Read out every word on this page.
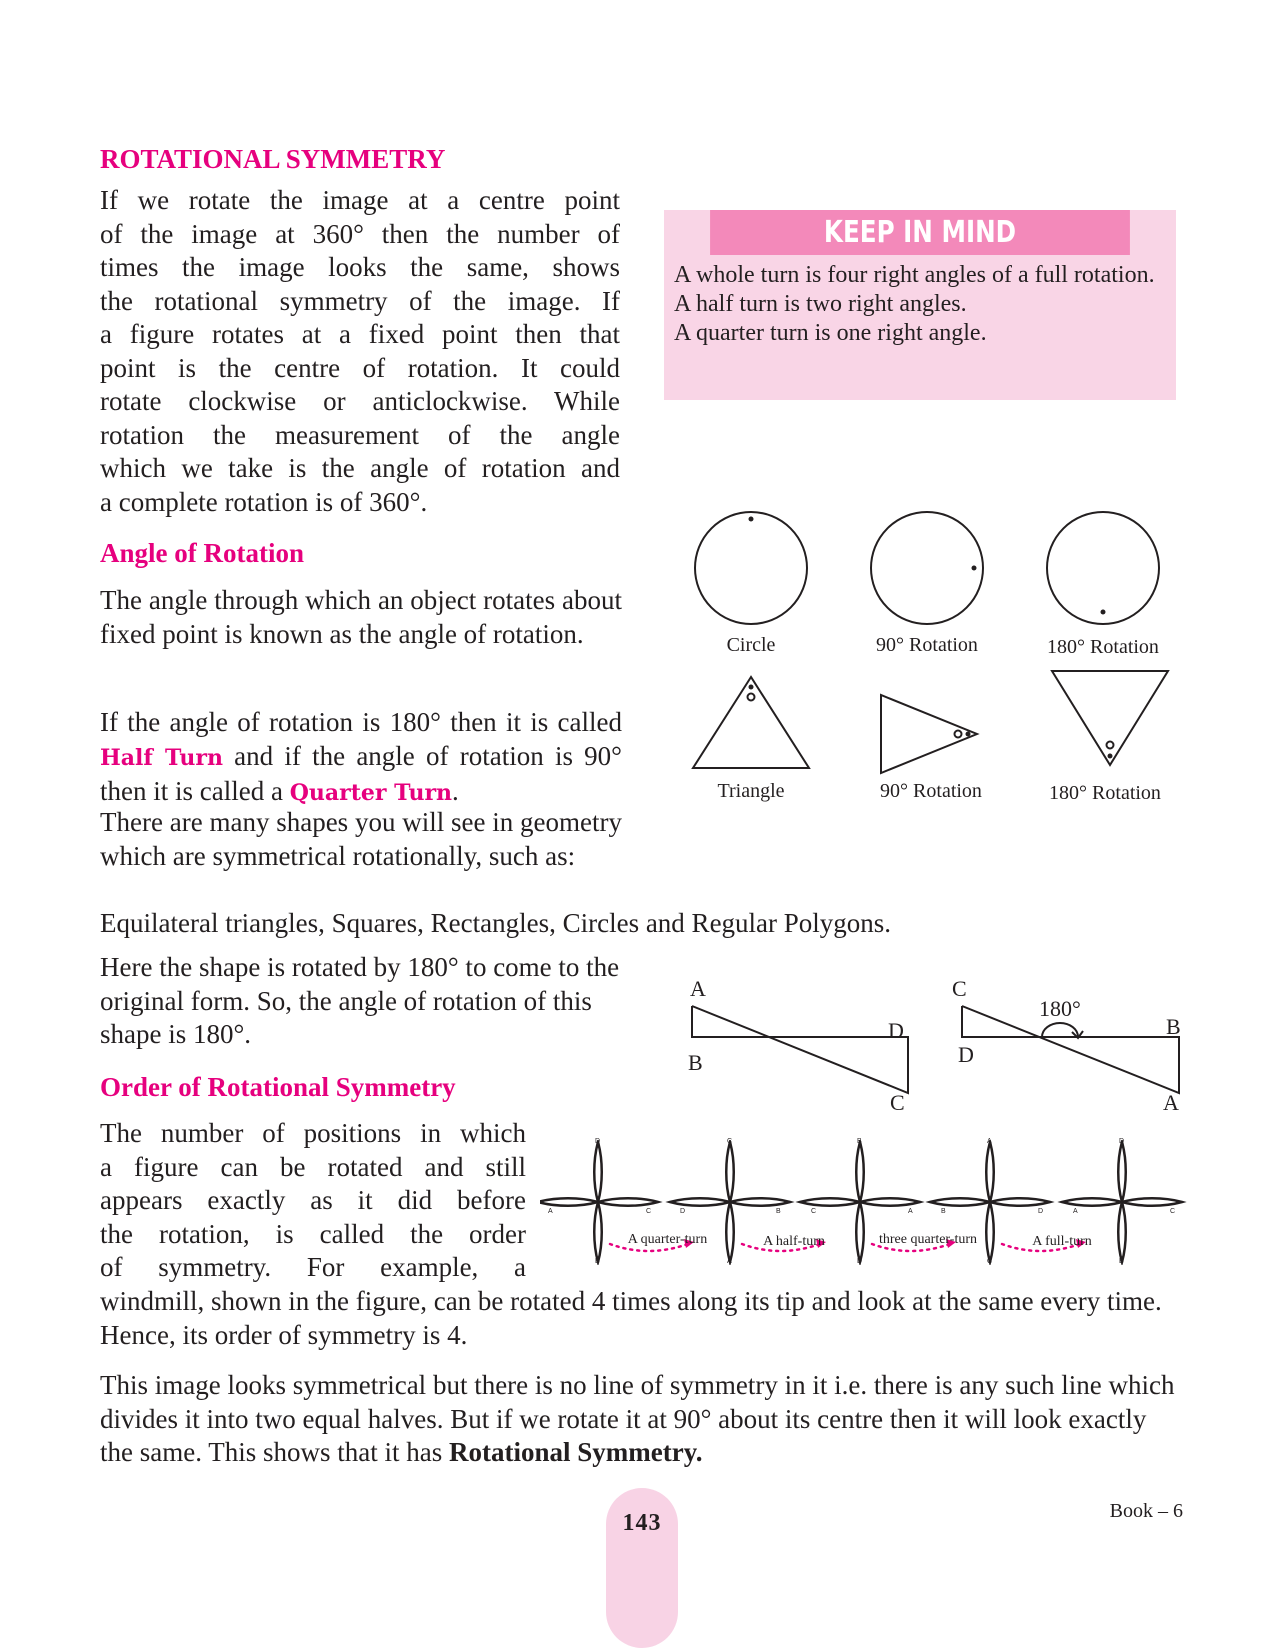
ROTATIONAL SYMMETRY
If we rotate the image at a centre point
of the image at 360° then the number of
times the image looks the same, shows
the rotational symmetry of the image. If
a figure rotates at a fixed point then that
point is the centre of rotation. It could
rotate clockwise or anticlockwise. While
rotation the measurement of the angle
which we take is the angle of rotation and
a complete rotation is of 360°.
KEEP IN MIND
A whole turn is four right angles of a full rotation.
A half turn is two right angles.
A quarter turn is one right angle.
Angle of Rotation
The angle through which an object rotates about fixed point is known as the angle of rotation.
If the angle of rotation is 180° then it is called Half Turn and if the angle of rotation is 90° then it is called a Quarter Turn.
There are many shapes you will see in geometry which are symmetrical rotationally, such as:
Equilateral triangles, Squares, Rectangles, Circles and Regular Polygons.
Here the shape is rotated by 180° to come to the original form. So, the angle of rotation of this shape is 180°.
Order of Rotational Symmetry
The number of positions in which
a figure can be rotated and still
appears exactly as it did before
the rotation, is called the order
of symmetry. For example, a
windmill, shown in the figure, can be rotated 4 times along its tip and look at the same every time. Hence, its order of symmetry is 4.
This image looks symmetrical but there is no line of symmetry in it i.e. there is any such line which divides it into two equal halves. But if we rotate it at 90° about its centre then it will look exactly the same. This shows that it has Rotational Symmetry.
Circle	90° Rotation	180° Rotation
Triangle	90° Rotation	180° Rotation
A
D
B
C
C
180°
B
D
A
D
A	C
B
C
D	B
A
B
C	A
D
A
B	D
C
D
A	C
B
A quarter-turn	A half-turn	three quarter-turn	A full-turn
143	Book – 6
